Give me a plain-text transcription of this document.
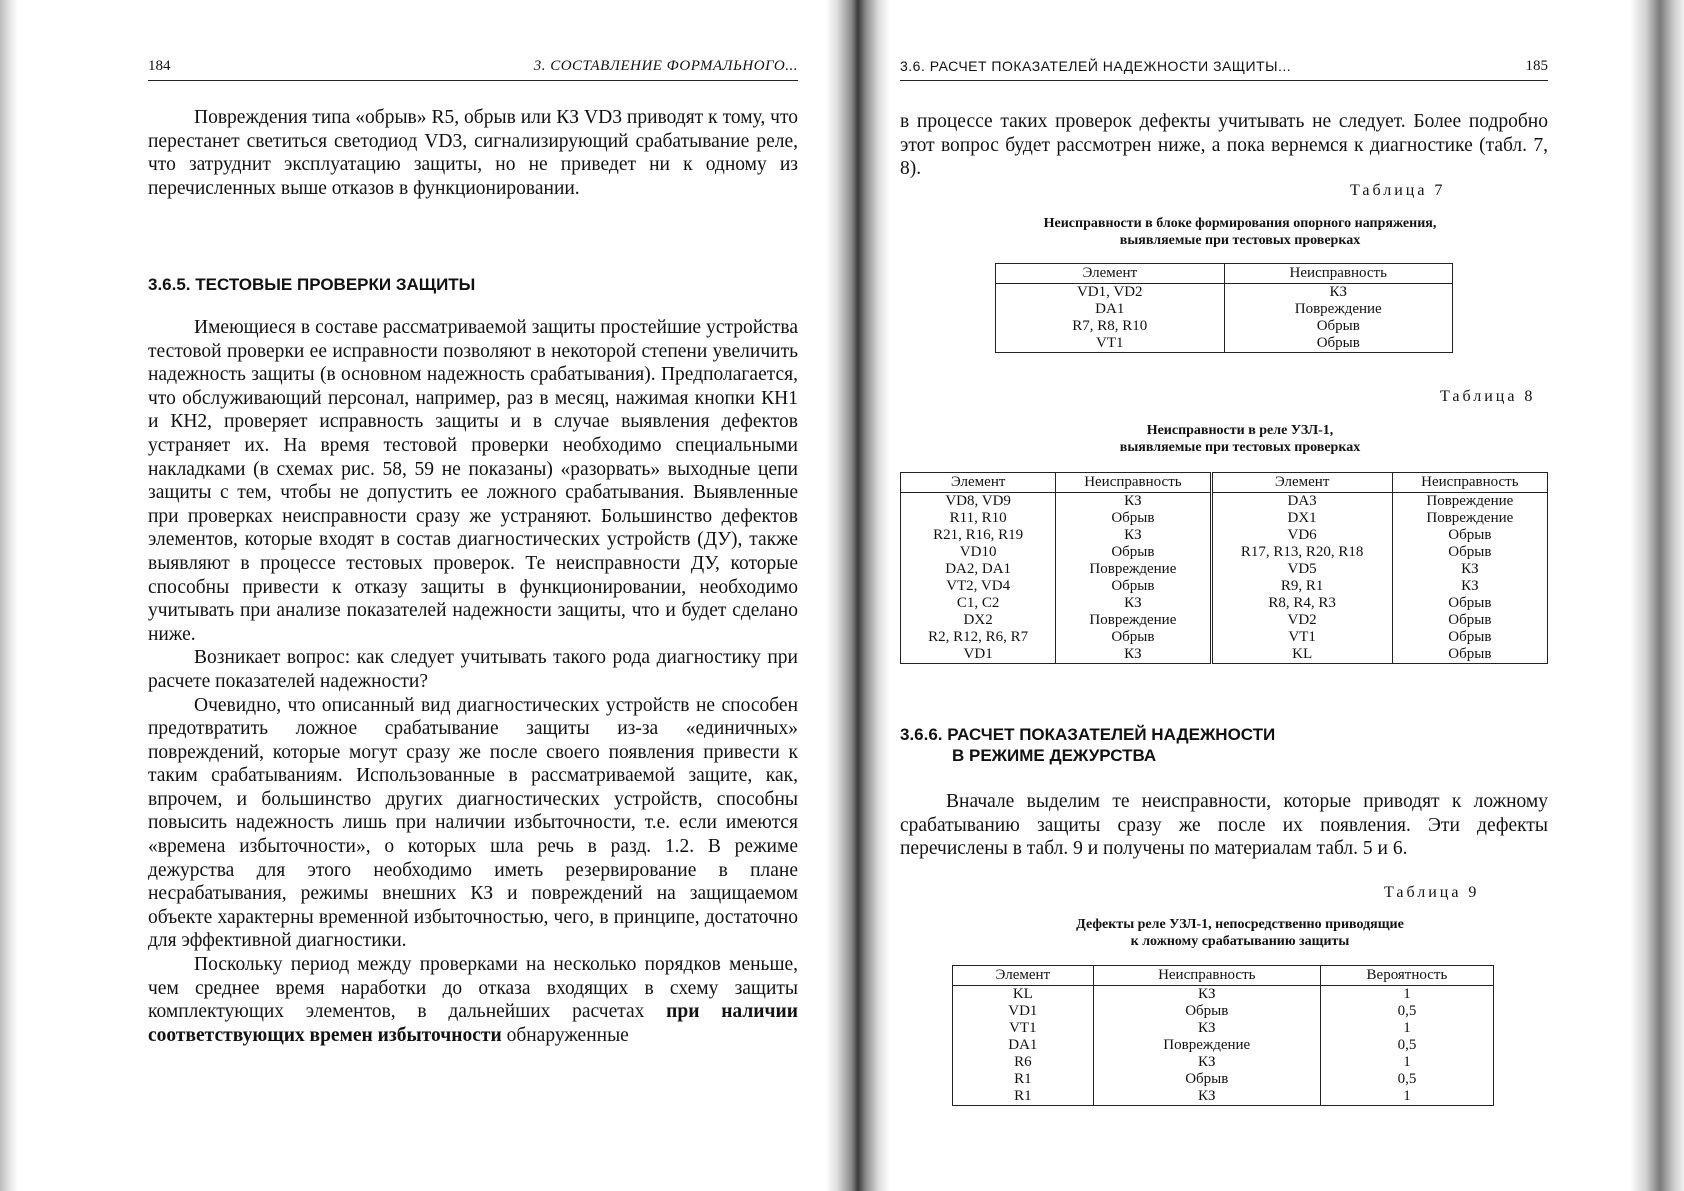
184	3. СОСТАВЛЕНИЕ ФОРМАЛЬНОГО...

Повреждения типа «обрыв» R5, обрыв или КЗ VD3 приводят к тому, что перестанет светиться светодиод VD3, сигнализирующий срабатывание реле, что затруднит эксплуатацию защиты, но не приведет ни к одному из перечисленных выше отказов в функционировании.

3.6.5. ТЕСТОВЫЕ ПРОВЕРКИ ЗАЩИТЫ

Имеющиеся в составе рассматриваемой защиты простейшие устройства тестовой проверки ее исправности позволяют в некоторой степени увеличить надежность защиты (в основном надежность срабатывания). Предполагается, что обслуживающий персонал, например, раз в месяц, нажимая кнопки КН1 и КН2, проверяет исправность защиты и в случае выявления дефектов устраняет их. На время тестовой проверки необходимо специальными накладками (в схемах рис. 58, 59 не показаны) «разорвать» выходные цепи защиты с тем, чтобы не допустить ее ложного срабатывания. Выявленные при проверках неисправности сразу же устраняют. Большинство дефектов элементов, которые входят в состав диагностических устройств (ДУ), также выявляют в процессе тестовых проверок. Те неисправности ДУ, которые способны привести к отказу защиты в функционировании, необходимо учитывать при анализе показателей надежности защиты, что и будет сделано ниже.

Возникает вопрос: как следует учитывать такого рода диагностику при расчете показателей надежности?

Очевидно, что описанный вид диагностических устройств не способен предотвратить ложное срабатывание защиты из-за «единичных» повреждений, которые могут сразу же после своего появления привести к таким срабатываниям. Использованные в рассматриваемой защите, как, впрочем, и большинство других диагностических устройств, способны повысить надежность лишь при наличии избыточности, т.е. если имеются «времена избыточности», о которых шла речь в разд. 1.2. В режиме дежурства для этого необходимо иметь резервирование в плане несрабатывания, режимы внешних КЗ и повреждений на защищаемом объекте характерны временной избыточностью, чего, в принципе, достаточно для эффективной диагностики.

Поскольку период между проверками на несколько порядков меньше, чем среднее время наработки до отказа входящих в схему защиты комплектующих элементов, в дальнейших расчетах при наличии соответствующих времен избыточности обнаруженные

3.6. РАСЧЕТ ПОКАЗАТЕЛЕЙ НАДЕЖНОСТИ ЗАЩИТЫ...	185

в процессе таких проверок дефекты учитывать не следует. Более подробно этот вопрос будет рассмотрен ниже, а пока вернемся к диагностике (табл. 7, 8).

Таблица 7
Неисправности в блоке формирования опорного напряжения,
выявляемые при тестовых проверках
Элемент	Неисправность
VD1, VD2	КЗ
DA1	Повреждение
R7, R8, R10	Обрыв
VT1	Обрыв
Таблица 8
Неисправности в реле УЗЛ-1,
выявляемые при тестовых проверках
Элемент	Неисправность	Элемент	Неисправность
VD8, VD9	КЗ	DA3	Повреждение
R11, R10	Обрыв	DX1	Повреждение
R21, R16, R19	КЗ	VD6	Обрыв
VD10	Обрыв	R17, R13, R20, R18	Обрыв
DA2, DA1	Повреждение	VD5	КЗ
VT2, VD4	Обрыв	R9, R1	КЗ
C1, C2	КЗ	R8, R4, R3	Обрыв
DX2	Повреждение	VD2	Обрыв
R2, R12, R6, R7	Обрыв	VT1	Обрыв
VD1	КЗ	KL	Обрыв
3.6.6. РАСЧЕТ ПОКАЗАТЕЛЕЙ НАДЕЖНОСТИ
В РЕЖИМЕ ДЕЖУРСТВА

Вначале выделим те неисправности, которые приводят к ложному срабатыванию защиты сразу же после их появления. Эти дефекты перечислены в табл. 9 и получены по материалам табл. 5 и 6.

Таблица 9
Дефекты реле УЗЛ-1, непосредственно приводящие
к ложному срабатыванию защиты
Элемент	Неисправность	Вероятность
KL	КЗ	1
VD1	Обрыв	0,5
VT1	КЗ	1
DA1	Повреждение	0,5
R6	КЗ	1
R1	Обрыв	0,5
R1	КЗ	1
